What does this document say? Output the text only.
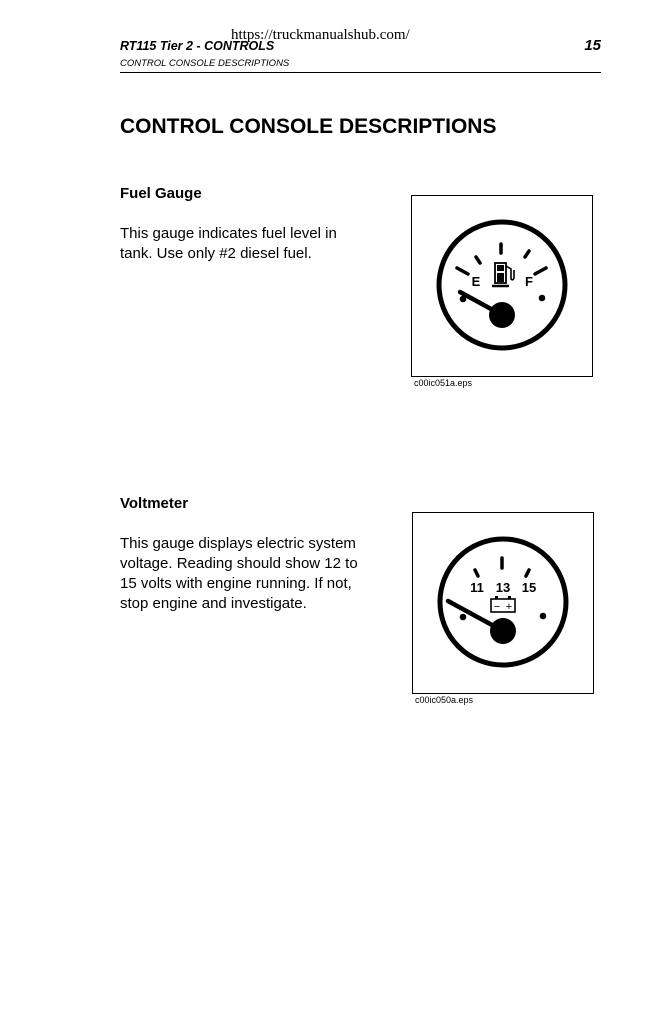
https://truckmanualshub.com/
RT115 Tier 2 - CONTROLS	15
CONTROL CONSOLE DESCRIPTIONS
CONTROL CONSOLE DESCRIPTIONS
Fuel Gauge
This gauge indicates fuel level in tank. Use only #2 diesel fuel.
E	F
c00ic051a.eps
Voltmeter
This gauge displays electric system voltage. Reading should show 12 to 15 volts with engine running. If not, stop engine and investigate.
11 13 15
− +
c00ic050a.eps
